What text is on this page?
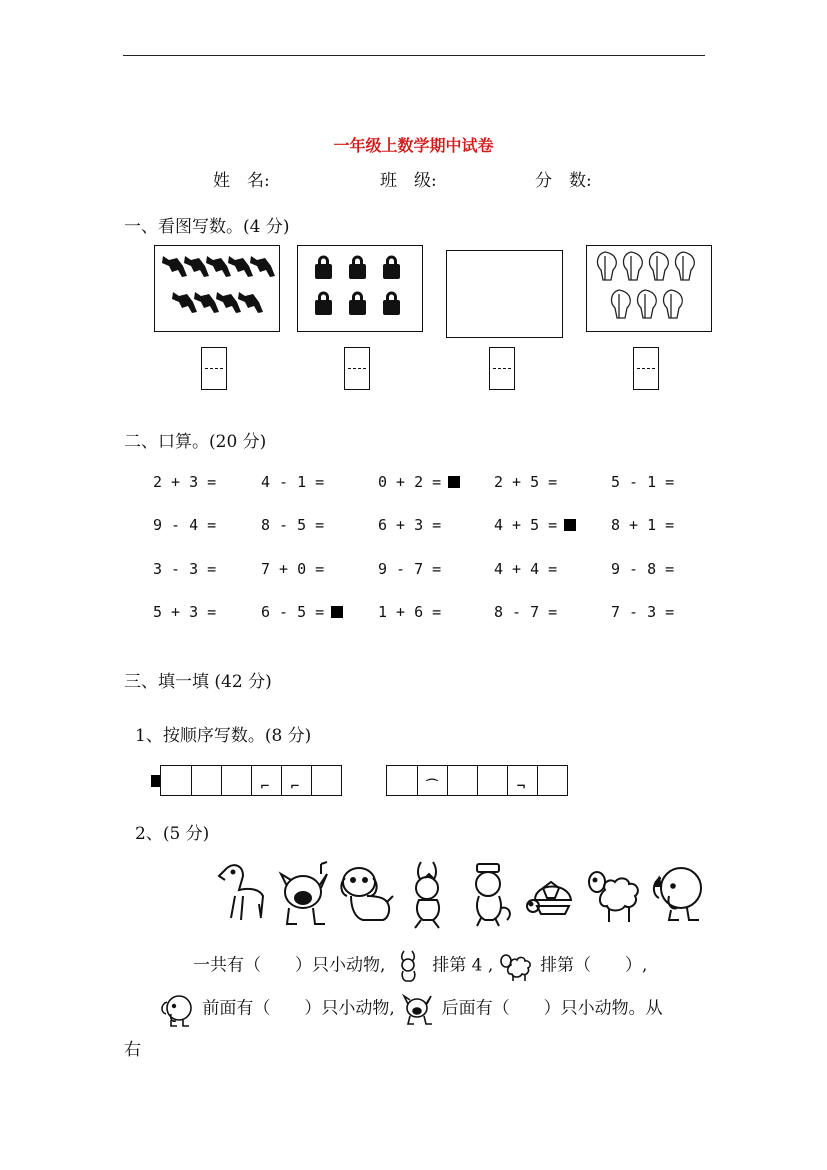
一年级上数学期中试卷
姓　名:	班　级:	分　数:
一、看图写数。(4 分)
二、口算。(20 分)
2 + 3 =	4 - 1 =	0 + 2 =	2 + 5 =	5 - 1 =
9 - 4 =	8 - 5 =	6 + 3 =	4 + 5 =	8 + 1 =
3 - 3 =	7 + 0 =	9 - 7 =	4 + 4 =	9 - 8 =
5 + 3 =	6 - 5 =	1 + 6 =	8 - 7 =	7 - 3 =
三、填一填 (42 分)
1、按顺序写数。(8 分)
⌐ ⌐	⌒	¬
2、(5 分)
一共有（　　）只小动物,	排第 4 ,	排第（　　）,
前面有（　　）只小动物,	后面有（　　）只小动物。从
右
